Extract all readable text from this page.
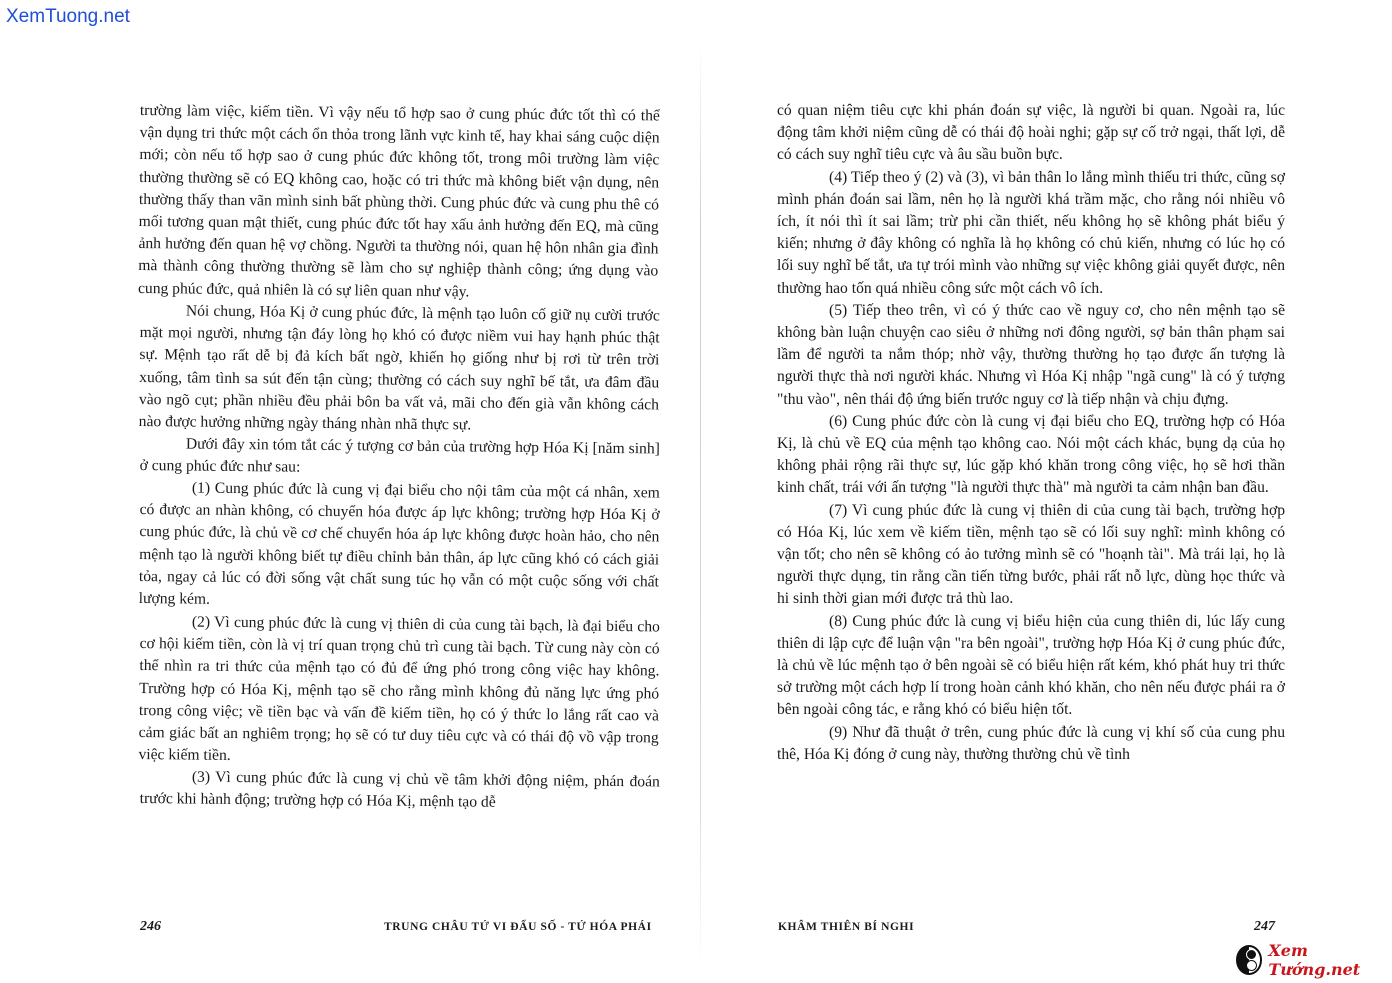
XemTuong.net

trường làm việc, kiếm tiền. Vì vậy nếu tổ hợp sao ở cung phúc đức tốt thì có thể vận dụng tri thức một cách ổn thỏa trong lãnh vực kinh tế, hay khai sáng cuộc diện mới; còn nếu tổ hợp sao ở cung phúc đức không tốt, trong môi trường làm việc thường thường sẽ có EQ không cao, hoặc có tri thức mà không biết vận dụng, nên thường thấy than vãn mình sinh bất phùng thời. Cung phúc đức và cung phu thê có mối tương quan mật thiết, cung phúc đức tốt hay xấu ảnh hưởng đến EQ, mà cũng ảnh hưởng đến quan hệ vợ chồng. Người ta thường nói, quan hệ hôn nhân gia đình mà thành công thường thường sẽ làm cho sự nghiệp thành công; ứng dụng vào cung phúc đức, quả nhiên là có sự liên quan như vậy.

Nói chung, Hóa Kị ở cung phúc đức, là mệnh tạo luôn cố giữ nụ cười trước mặt mọi người, nhưng tận đáy lòng họ khó có được niềm vui hay hạnh phúc thật sự. Mệnh tạo rất dễ bị đả kích bất ngờ, khiến họ giống như bị rơi từ trên trời xuống, tâm tình sa sút đến tận cùng; thường có cách suy nghĩ bế tắt, ưa đâm đầu vào ngõ cụt; phần nhiều đều phải bôn ba vất vả, mãi cho đến già vẫn không cách nào được hưởng những ngày tháng nhàn nhã thực sự.

Dưới đây xin tóm tắt các ý tượng cơ bản của trường hợp Hóa Kị [năm sinh] ở cung phúc đức như sau:

(1) Cung phúc đức là cung vị đại biểu cho nội tâm của một cá nhân, xem có được an nhàn không, có chuyển hóa được áp lực không; trường hợp Hóa Kị ở cung phúc đức, là chủ về cơ chế chuyển hóa áp lực không được hoàn hảo, cho nên mệnh tạo là người không biết tự điều chỉnh bản thân, áp lực cũng khó có cách giải tỏa, ngay cả lúc có đời sống vật chất sung túc họ vẫn có một cuộc sống với chất lượng kém.

(2) Vì cung phúc đức là cung vị thiên di của cung tài bạch, là đại biểu cho cơ hội kiếm tiền, còn là vị trí quan trọng chủ trì cung tài bạch. Từ cung này còn có thể nhìn ra tri thức của mệnh tạo có đủ để ứng phó trong công việc hay không. Trường hợp có Hóa Kị, mệnh tạo sẽ cho rằng mình không đủ năng lực ứng phó trong công việc; về tiền bạc và vấn đề kiếm tiền, họ có ý thức lo lắng rất cao và cảm giác bất an nghiêm trọng; họ sẽ có tư duy tiêu cực và có thái độ vồ vập trong việc kiếm tiền.

(3) Vì cung phúc đức là cung vị chủ về tâm khởi động niệm, phán đoán trước khi hành động; trường hợp có Hóa Kị, mệnh tạo dễ

có quan niệm tiêu cực khi phán đoán sự việc, là người bi quan. Ngoài ra, lúc động tâm khởi niệm cũng dễ có thái độ hoài nghi; gặp sự cố trở ngại, thất lợi, dễ có cách suy nghĩ tiêu cực và âu sầu buồn bực.

(4) Tiếp theo ý (2) và (3), vì bản thân lo lắng mình thiếu tri thức, cũng sợ mình phán đoán sai lầm, nên họ là người khá trầm mặc, cho rằng nói nhiều vô ích, ít nói thì ít sai lầm; trừ phi cần thiết, nếu không họ sẽ không phát biểu ý kiến; nhưng ở đây không có nghĩa là họ không có chủ kiến, nhưng có lúc họ có lối suy nghĩ bế tắt, ưa tự trói mình vào những sự việc không giải quyết được, nên thường hao tốn quá nhiều công sức một cách vô ích.

(5) Tiếp theo trên, vì có ý thức cao về nguy cơ, cho nên mệnh tạo sẽ không bàn luận chuyện cao siêu ở những nơi đông người, sợ bản thân phạm sai lầm để người ta nắm thóp; nhờ vậy, thường thường họ tạo được ấn tượng là người thực thà nơi người khác. Nhưng vì Hóa Kị nhập "ngã cung" là có ý tượng "thu vào", nên thái độ ứng biến trước nguy cơ là tiếp nhận và chịu đựng.

(6) Cung phúc đức còn là cung vị đại biểu cho EQ, trường hợp có Hóa Kị, là chủ về EQ của mệnh tạo không cao. Nói một cách khác, bụng dạ của họ không phải rộng rãi thực sự, lúc gặp khó khăn trong công việc, họ sẽ hơi thần kinh chất, trái với ấn tượng "là người thực thà" mà người ta cảm nhận ban đầu.

(7) Vì cung phúc đức là cung vị thiên di của cung tài bạch, trường hợp có Hóa Kị, lúc xem về kiếm tiền, mệnh tạo sẽ có lối suy nghĩ: mình không có vận tốt; cho nên sẽ không có ảo tưởng mình sẽ có "hoạnh tài". Mà trái lại, họ là người thực dụng, tin rằng cần tiến từng bước, phải rất nỗ lực, dùng học thức và hi sinh thời gian mới được trả thù lao.

(8) Cung phúc đức là cung vị biểu hiện của cung thiên di, lúc lấy cung thiên di lập cực để luận vận "ra bên ngoài", trường hợp Hóa Kị ở cung phúc đức, là chủ về lúc mệnh tạo ở bên ngoài sẽ có biểu hiện rất kém, khó phát huy tri thức sở trường một cách hợp lí trong hoàn cảnh khó khăn, cho nên nếu được phái ra ở bên ngoài công tác, e rằng khó có biểu hiện tốt.

(9) Như đã thuật ở trên, cung phúc đức là cung vị khí số của cung phu thê, Hóa Kị đóng ở cung này, thường thường chủ về tình

246	TRUNG CHÂU TỨ VI ĐẨU SỐ - TỨ HÓA PHÁI	KHÂM THIÊN BÍ NGHI	247
Xem Tướng.net
